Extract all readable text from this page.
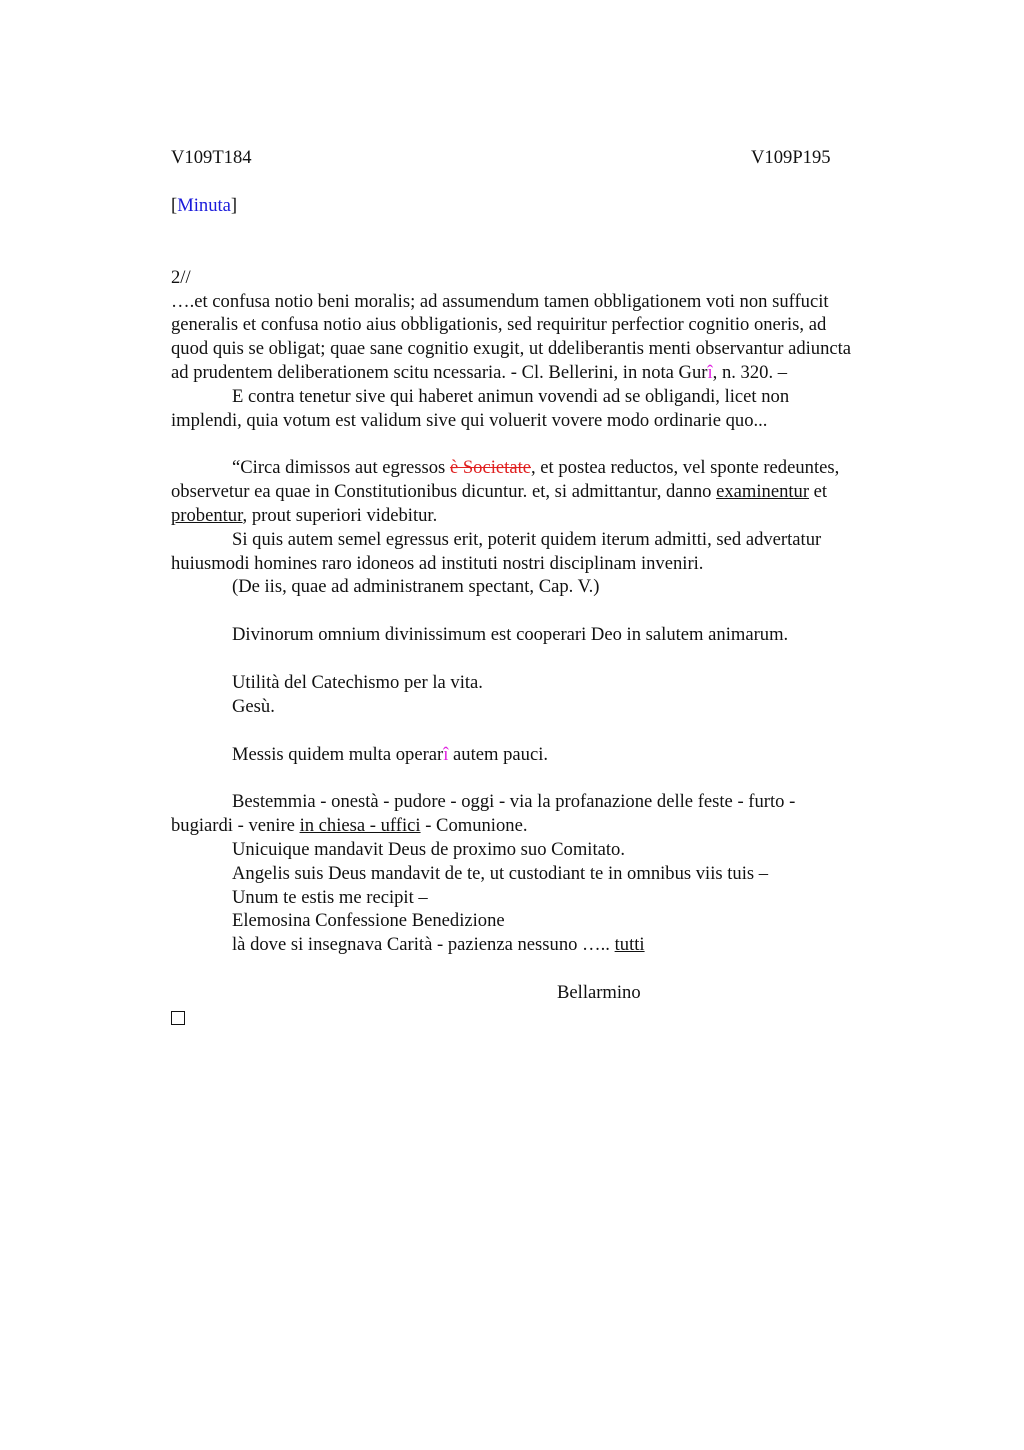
V109T184	V109P195

[Minuta]

2//

….et confusa notio beni moralis; ad assumendum tamen obbligationem voti non suffucit

generalis et confusa notio aius obbligationis, sed requiritur perfectior cognitio oneris, ad

quod quis se obligat; quae sane cognitio exugit, ut ddeliberantis menti observantur adiuncta

ad prudentem deliberationem scitu ncessaria. - Cl. Bellerini, in nota Gurî, n. 320. –

E contra tenetur sive qui haberet animun vovendi ad se obligandi, licet non

implendi, quia votum est validum sive qui voluerit vovere modo ordinarie quo...

“Circa dimissos aut egressos è Societate, et postea reductos, vel sponte redeuntes,

observetur ea quae in Constitutionibus dicuntur. et, si admittantur, danno examinentur et

probentur, prout superiori videbitur.

Si quis autem semel egressus erit, poterit quidem iterum admitti, sed advertatur

huiusmodi homines raro idoneos ad instituti nostri disciplinam inveniri.

(De iis, quae ad administranem spectant, Cap. V.)

Divinorum omnium divinissimum est cooperari Deo in salutem animarum.

Utilità del Catechismo per la vita.

Gesù.

Messis quidem multa operarî autem pauci.

Bestemmia - onestà - pudore - oggi - via la profanazione delle feste - furto -

bugiardi - venire in chiesa - uffici - Comunione.

Unicuique mandavit Deus de proximo suo Comitato.

Angelis suis Deus mandavit de te, ut custodiant te in omnibus viis tuis –

Unum te estis me recipit –

Elemosina Confessione Benedizione

là dove si insegnava Carità - pazienza nessuno ….. tutti

Bellarmino
